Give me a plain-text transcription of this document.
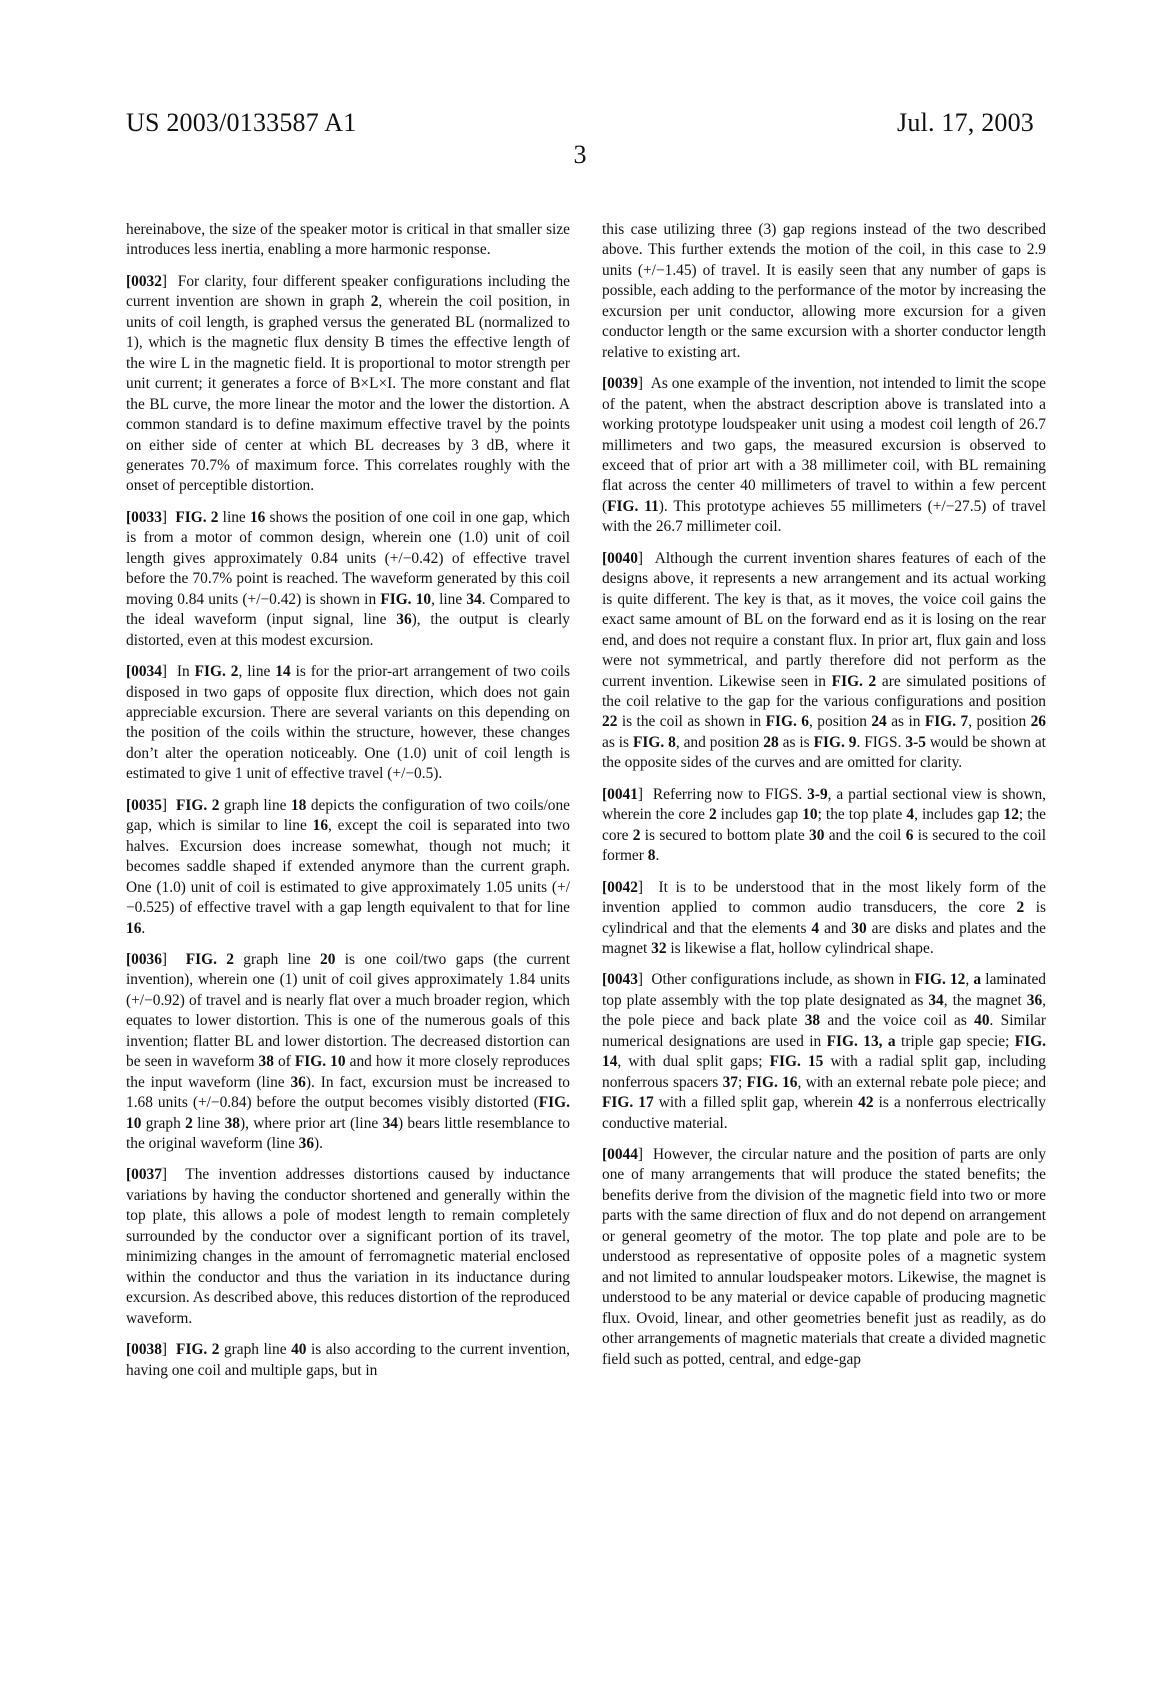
US 2003/0133587 A1	Jul. 17, 2003
3

hereinabove, the size of the speaker motor is critical in that smaller size introduces less inertia, enabling a more harmonic response.

[ 0032 ] For clarity, four different speaker configurations including the current invention are shown in graph 2, wherein the coil position, in units of coil length, is graphed versus the generated BL (normalized to 1), which is the magnetic flux density B times the effective length of the wire L in the magnetic field. It is proportional to motor strength per unit current; it generates a force of B×L×I. The more constant and flat the BL curve, the more linear the motor and the lower the distortion. A common standard is to define maximum effective travel by the points on either side of center at which BL decreases by 3 dB, where it generates 70.7% of maximum force. This correlates roughly with the onset of perceptible distortion.

[ 0033 ] FIG. 2 line 16 shows the position of one coil in one gap, which is from a motor of common design, wherein one (1.0) unit of coil length gives approximately 0.84 units (+/−0.42) of effective travel before the 70.7% point is reached. The waveform generated by this coil moving 0.84 units (+/−0.42) is shown in FIG. 10, line 34. Compared to the ideal waveform (input signal, line 36), the output is clearly distorted, even at this modest excursion.

[ 0034 ] In FIG. 2, line 14 is for the prior-art arrangement of two coils disposed in two gaps of opposite flux direction, which does not gain appreciable excursion. There are several variants on this depending on the position of the coils within the structure, however, these changes don’t alter the operation noticeably. One (1.0) unit of coil length is estimated to give 1 unit of effective travel (+/−0.5).

[ 0035 ] FIG. 2 graph line 18 depicts the configuration of two coils/one gap, which is similar to line 16, except the coil is separated into two halves. Excursion does increase somewhat, though not much; it becomes saddle shaped if extended anymore than the current graph. One (1.0) unit of coil is estimated to give approximately 1.05 units (+/−0.525) of effective travel with a gap length equivalent to that for line 16.

[ 0036 ] FIG. 2 graph line 20 is one coil/two gaps (the current invention), wherein one (1) unit of coil gives approximately 1.84 units (+/−0.92) of travel and is nearly flat over a much broader region, which equates to lower distortion. This is one of the numerous goals of this invention; flatter BL and lower distortion. The decreased distortion can be seen in waveform 38 of FIG. 10 and how it more closely reproduces the input waveform (line 36). In fact, excursion must be increased to 1.68 units (+/−0.84) before the output becomes visibly distorted (FIG. 10 graph 2 line 38), where prior art (line 34) bears little resemblance to the original waveform (line 36).

[ 0037 ] The invention addresses distortions caused by inductance variations by having the conductor shortened and generally within the top plate, this allows a pole of modest length to remain completely surrounded by the conductor over a significant portion of its travel, minimizing changes in the amount of ferromagnetic material enclosed within the conductor and thus the variation in its inductance during excursion. As described above, this reduces distortion of the reproduced waveform.

[ 0038 ] FIG. 2 graph line 40 is also according to the current invention, having one coil and multiple gaps, but in

this case utilizing three (3) gap regions instead of the two described above. This further extends the motion of the coil, in this case to 2.9 units (+/−1.45) of travel. It is easily seen that any number of gaps is possible, each adding to the performance of the motor by increasing the excursion per unit conductor, allowing more excursion for a given conductor length or the same excursion with a shorter conductor length relative to existing art.

[ 0039 ] As one example of the invention, not intended to limit the scope of the patent, when the abstract description above is translated into a working prototype loudspeaker unit using a modest coil length of 26.7 millimeters and two gaps, the measured excursion is observed to exceed that of prior art with a 38 millimeter coil, with BL remaining flat across the center 40 millimeters of travel to within a few percent (FIG. 11). This prototype achieves 55 millimeters (+/−27.5) of travel with the 26.7 millimeter coil.

[ 0040 ] Although the current invention shares features of each of the designs above, it represents a new arrangement and its actual working is quite different. The key is that, as it moves, the voice coil gains the exact same amount of BL on the forward end as it is losing on the rear end, and does not require a constant flux. In prior art, flux gain and loss were not symmetrical, and partly therefore did not perform as the current invention. Likewise seen in FIG. 2 are simulated positions of the coil relative to the gap for the various configurations and position 22 is the coil as shown in FIG. 6, position 24 as in FIG. 7, position 26 as is FIG. 8, and position 28 as is FIG. 9. FIGS. 3-5 would be shown at the opposite sides of the curves and are omitted for clarity.

[ 0041 ] Referring now to FIGS. 3-9, a partial sectional view is shown, wherein the core 2 includes gap 10; the top plate 4, includes gap 12; the core 2 is secured to bottom plate 30 and the coil 6 is secured to the coil former 8.

[ 0042 ] It is to be understood that in the most likely form of the invention applied to common audio transducers, the core 2 is cylindrical and that the elements 4 and 30 are disks and plates and the magnet 32 is likewise a flat, hollow cylindrical shape.

[ 0043 ] Other configurations include, as shown in FIG. 12, a laminated top plate assembly with the top plate designated as 34, the magnet 36, the pole piece and back plate 38 and the voice coil as 40. Similar numerical designations are used in FIG. 13, a triple gap specie; FIG. 14, with dual split gaps; FIG. 15 with a radial split gap, including nonferrous spacers 37; FIG. 16, with an external rebate pole piece; and FIG. 17 with a filled split gap, wherein 42 is a nonferrous electrically conductive material.

[ 0044 ] However, the circular nature and the position of parts are only one of many arrangements that will produce the stated benefits; the benefits derive from the division of the magnetic field into two or more parts with the same direction of flux and do not depend on arrangement or general geometry of the motor. The top plate and pole are to be understood as representative of opposite poles of a magnetic system and not limited to annular loudspeaker motors. Likewise, the magnet is understood to be any material or device capable of producing magnetic flux. Ovoid, linear, and other geometries benefit just as readily, as do other arrangements of magnetic materials that create a divided magnetic field such as potted, central, and edge-gap
